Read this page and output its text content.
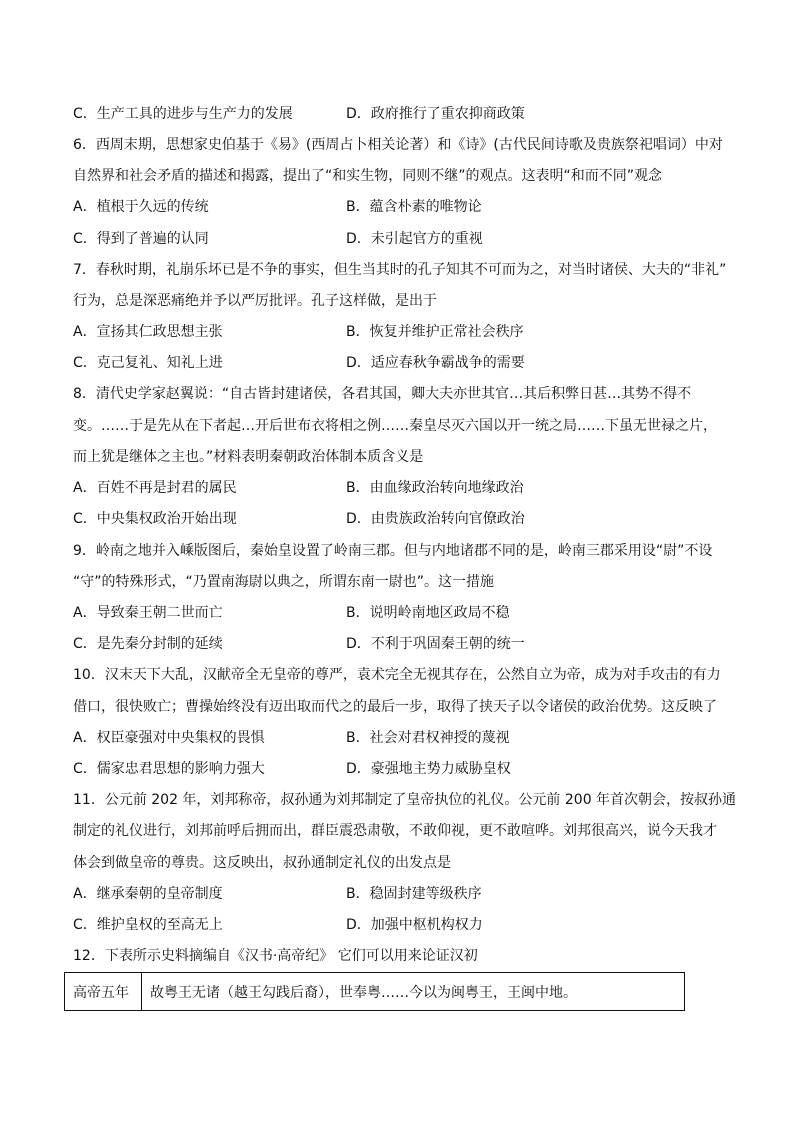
C．生产工具的进步与生产力的发展	D．政府推行了重农抑商政策
6．西周末期，思想家史伯基于《易》(西周占卜相关论著）和《诗》(古代民间诗歌及贵族祭祀唱词）中对
自然界和社会矛盾的描述和揭露，提出了“和实生物，同则不继”的观点。这表明“和而不同”观念
A．植根于久远的传统	B．蕴含朴素的唯物论
C．得到了普遍的认同	D．未引起官方的重视
7．春秋时期，礼崩乐坏已是不争的事实，但生当其时的孔子知其不可而为之，对当时诸侯、大夫的“非礼”
行为，总是深恶痛绝并予以严厉批评。孔子这样做，是出于
A．宣扬其仁政思想主张	B．恢复并维护正常社会秩序
C．克己复礼、知礼上进	D．适应春秋争霸战争的需要
8．清代史学家赵翼说：“自古皆封建诸侯，各君其国，卿大夫亦世其官…其后积弊日甚…其势不得不
变。……于是先从在下者起…开后世布衣将相之例……秦皇尽灭六国以开一统之局……下虽无世禄之片，
而上犹是继体之主也。”材料表明秦朝政治体制本质含义是
A．百姓不再是封君的属民	B．由血缘政治转向地缘政治
C．中央集权政治开始出现	D．由贵族政治转向官僚政治
9．岭南之地并入嵊版图后，秦始皇设置了岭南三郡。但与内地诸郡不同的是，岭南三郡采用设“尉”不设
“守”的特殊形式，“乃置南海尉以典之，所谓东南一尉也”。这一措施
A．导致秦王朝二世而亡	B．说明岭南地区政局不稳
C．是先秦分封制的延续	D．不利于巩固秦王朝的统一
10．汉末天下大乱，汉献帝全无皇帝的尊严，袁术完全无视其存在，公然自立为帝，成为对手攻击的有力
借口，很快败亡；曹操始终没有迈出取而代之的最后一步，取得了挟天子以令诸侯的政治优势。这反映了
A．权臣豪强对中央集权的畏惧	B．社会对君权神授的蔑视
C．儒家忠君思想的影响力强大	D．豪强地主势力威胁皇权
11．公元前 202 年，刘邦称帝，叔孙通为刘邦制定了皇帝执位的礼仪。公元前 200 年首次朝会，按叔孙通
制定的礼仪进行，刘邦前呼后拥而出，群臣震恐肃敬，不敢仰视，更不敢喧哗。刘邦很高兴，说今天我才
体会到做皇帝的尊贵。这反映出，叔孙通制定礼仪的出发点是
A．继承秦朝的皇帝制度	B．稳固封建等级秩序
C．维护皇权的至高无上	D．加强中枢机构权力
12．下表所示史料摘编自《汉书·高帝纪》 它们可以用来论证汉初
高帝五年	故粤王无诸（越王勾践后裔），世奉粤……今以为闽粤王，王闽中地。
